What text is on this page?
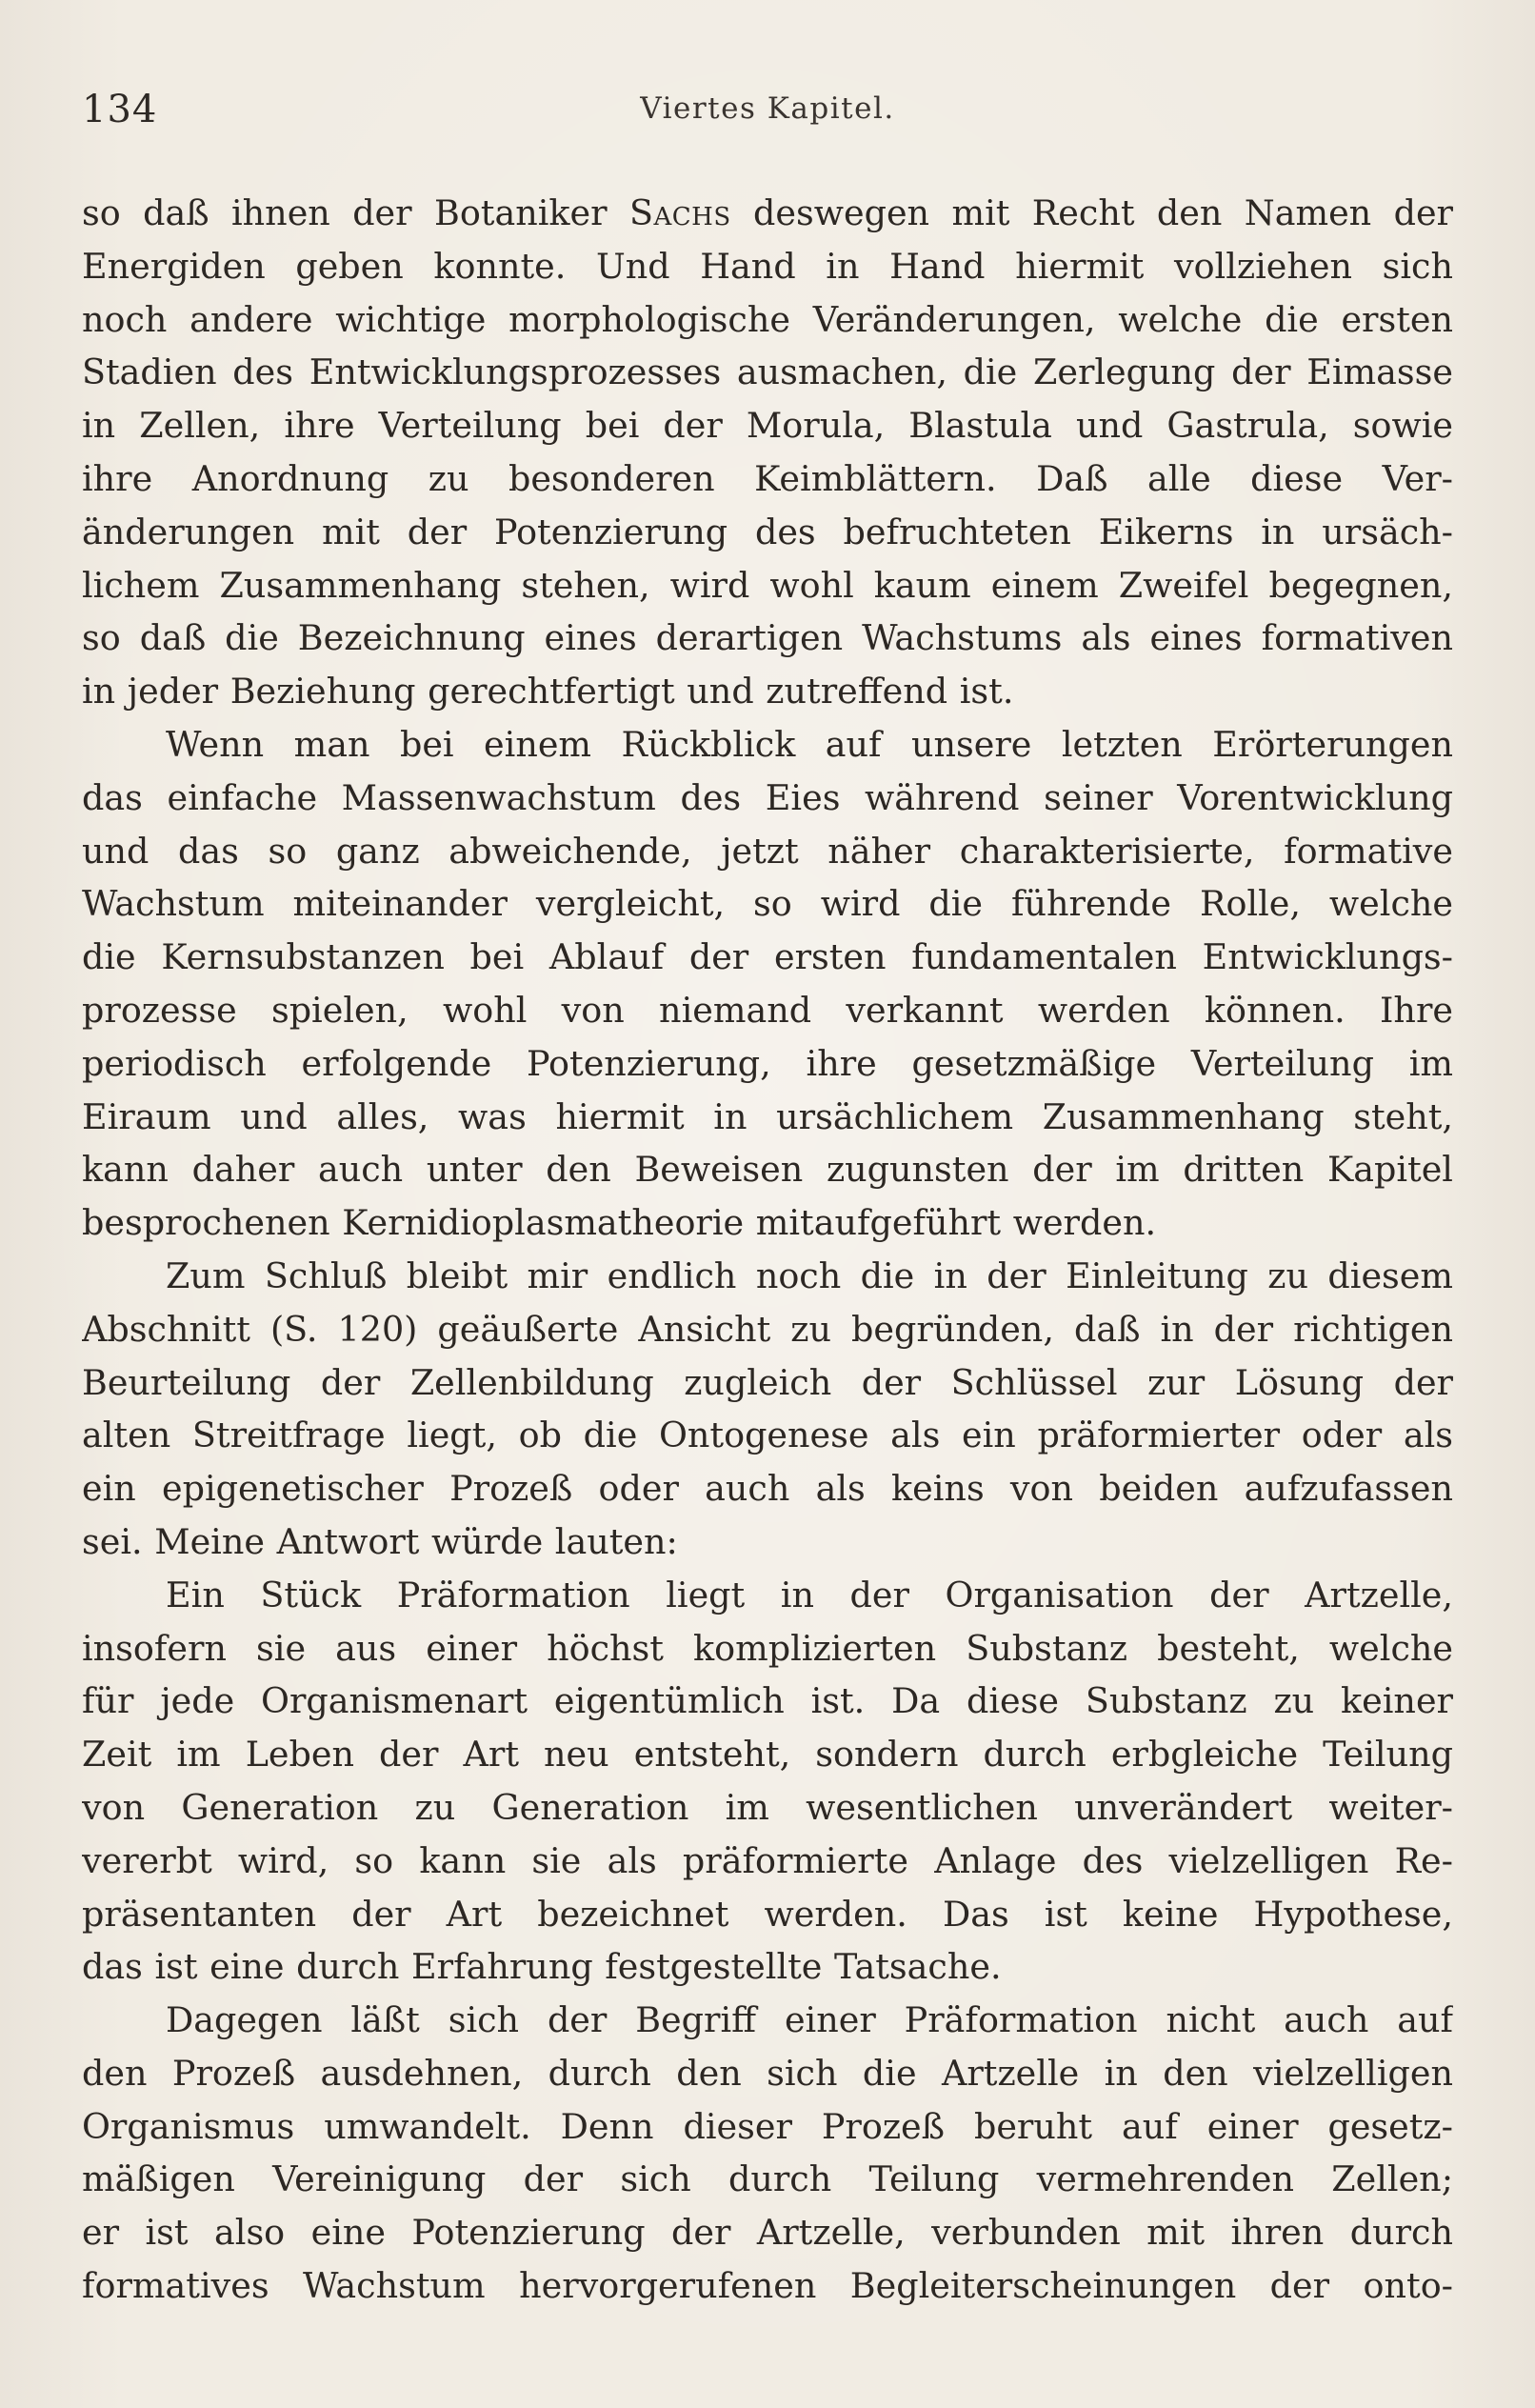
134	Viertes Kapitel.
so daß ihnen der Botaniker Sachs deswegen mit Recht den Namen der
Energiden geben konnte. Und Hand in Hand hiermit vollziehen sich
noch andere wichtige morphologische Veränderungen, welche die ersten
Stadien des Entwicklungsprozesses ausmachen, die Zerlegung der Eimasse
in Zellen, ihre Verteilung bei der Morula, Blastula und Gastrula, sowie
ihre Anordnung zu besonderen Keimblättern. Daß alle diese Ver-
änderungen mit der Potenzierung des befruchteten Eikerns in ursäch-
lichem Zusammenhang stehen, wird wohl kaum einem Zweifel begegnen,
so daß die Bezeichnung eines derartigen Wachstums als eines formativen
in jeder Beziehung gerechtfertigt und zutreffend ist.
Wenn man bei einem Rückblick auf unsere letzten Erörterungen
das einfache Massenwachstum des Eies während seiner Vorentwicklung
und das so ganz abweichende, jetzt näher charakterisierte, formative
Wachstum miteinander vergleicht, so wird die führende Rolle, welche
die Kernsubstanzen bei Ablauf der ersten fundamentalen Entwicklungs-
prozesse spielen, wohl von niemand verkannt werden können. Ihre
periodisch erfolgende Potenzierung, ihre gesetzmäßige Verteilung im
Eiraum und alles, was hiermit in ursächlichem Zusammenhang steht,
kann daher auch unter den Beweisen zugunsten der im dritten Kapitel
besprochenen Kernidioplasmatheorie mitaufgeführt werden.
Zum Schluß bleibt mir endlich noch die in der Einleitung zu diesem
Abschnitt (S. 120) geäußerte Ansicht zu begründen, daß in der richtigen
Beurteilung der Zellenbildung zugleich der Schlüssel zur Lösung der
alten Streitfrage liegt, ob die Ontogenese als ein präformierter oder als
ein epigenetischer Prozeß oder auch als keins von beiden aufzufassen
sei. Meine Antwort würde lauten:
Ein Stück Präformation liegt in der Organisation der Artzelle,
insofern sie aus einer höchst komplizierten Substanz besteht, welche
für jede Organismenart eigentümlich ist. Da diese Substanz zu keiner
Zeit im Leben der Art neu entsteht, sondern durch erbgleiche Teilung
von Generation zu Generation im wesentlichen unverändert weiter-
vererbt wird, so kann sie als präformierte Anlage des vielzelligen Re-
präsentanten der Art bezeichnet werden. Das ist keine Hypothese,
das ist eine durch Erfahrung festgestellte Tatsache.
Dagegen läßt sich der Begriff einer Präformation nicht auch auf
den Prozeß ausdehnen, durch den sich die Artzelle in den vielzelligen
Organismus umwandelt. Denn dieser Prozeß beruht auf einer gesetz-
mäßigen Vereinigung der sich durch Teilung vermehrenden Zellen;
er ist also eine Potenzierung der Artzelle, verbunden mit ihren durch
formatives Wachstum hervorgerufenen Begleiterscheinungen der onto-
